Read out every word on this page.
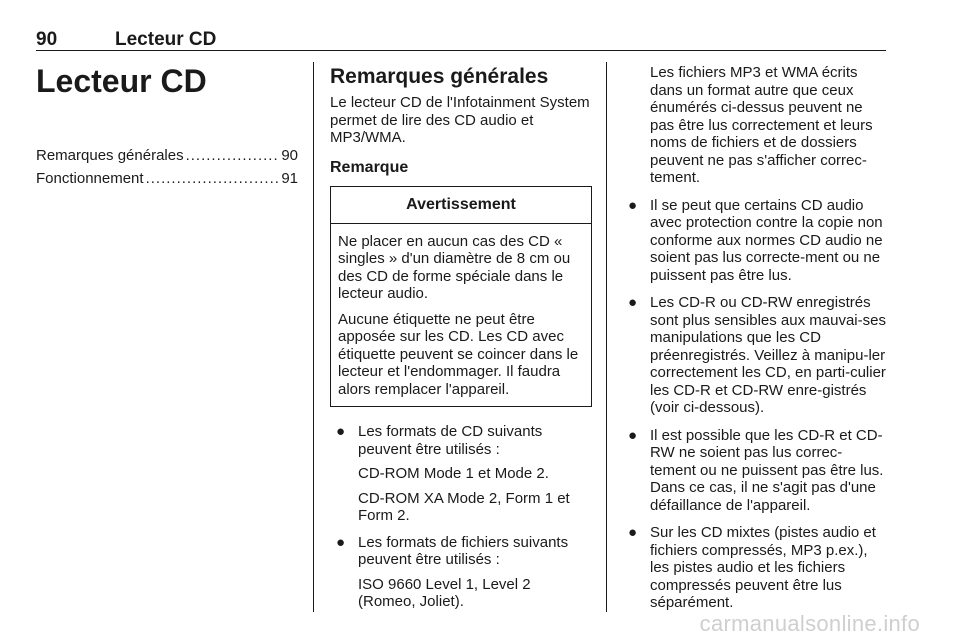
90	Lecteur CD
Lecteur CD
Remarques générales .....	90
Fonctionnement .....	91
Remarques générales

Le lecteur CD de l'Infotainment System permet de lire des CD audio et MP3/WMA.

Remarque
Avertissement

Ne placer en aucun cas des CD « singles » d'un diamètre de 8 cm ou des CD de forme spéciale dans le lecteur audio.

Aucune étiquette ne peut être apposée sur les CD. Les CD avec étiquette peuvent se coincer dans le lecteur et l'endommager. Il faudra alors remplacer l'appareil.

● Les formats de CD suivants peuvent être utilisés :
CD-ROM Mode 1 et Mode 2.
CD-ROM XA Mode 2, Form 1 et Form 2.
● Les formats de fichiers suivants peuvent être utilisés :
ISO 9660 Level 1, Level 2 (Romeo, Joliet).

Les fichiers MP3 et WMA écrits dans un format autre que ceux énumérés ci-dessus peuvent ne pas être lus correctement et leurs noms de fichiers et de dossiers peuvent ne pas s'afficher correc-tement.

● Il se peut que certains CD audio avec protection contre la copie non conforme aux normes CD audio ne soient pas lus correcte-ment ou ne puissent pas être lus.
● Les CD-R ou CD-RW enregistrés sont plus sensibles aux mauvai-ses manipulations que les CD préenregistrés. Veillez à manipu-ler correctement les CD, en parti-culier les CD-R et CD-RW enre-gistrés (voir ci-dessous).
● Il est possible que les CD-R et CD-RW ne soient pas lus correc-tement ou ne puissent pas être lus. Dans ce cas, il ne s'agit pas d'une défaillance de l'appareil.
● Sur les CD mixtes (pistes audio et fichiers compressés, MP3 p.ex.), les pistes audio et les fichiers compressés peuvent être lus séparément.
carmanualsonline.info
